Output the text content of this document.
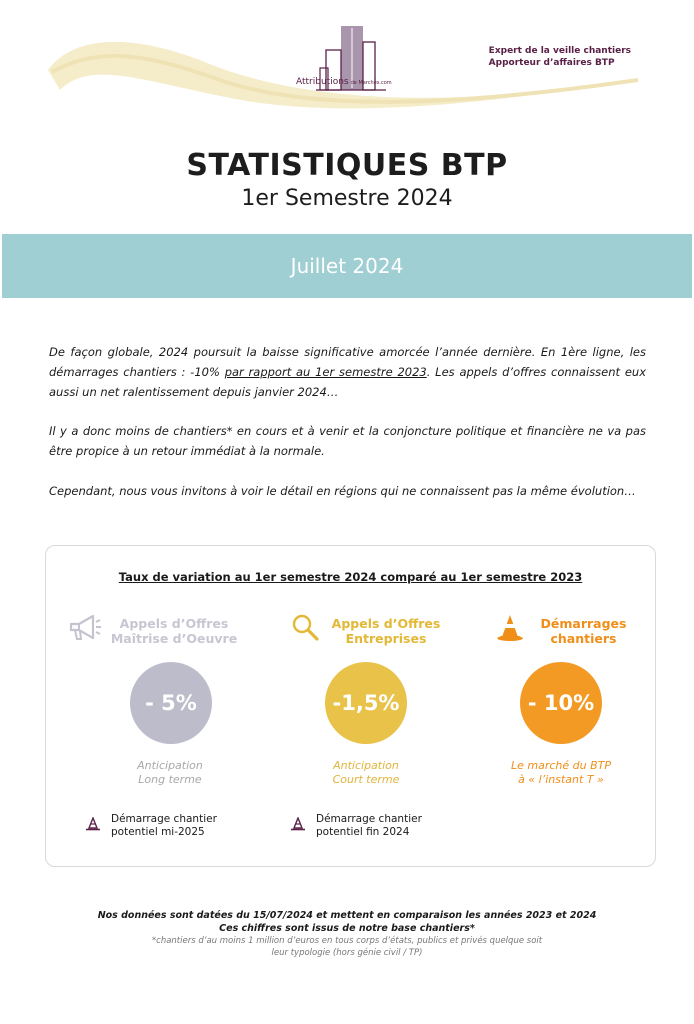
Attributions de Marchés.com
Expert de la veille chantiers
Apporteur d’affaires BTP
STATISTIQUES BTP
1er Semestre 2024
Juillet 2024

De façon globale, 2024 poursuit la baisse significative amorcée l’année dernière. En 1ère ligne, les démarrages chantiers : -10% par rapport au 1er semestre 2023. Les appels d’offres connaissent eux aussi un net ralentissement depuis janvier 2024…

Il y a donc moins de chantiers* en cours et à venir et la conjoncture politique et financière ne va pas être propice à un retour immédiat à la normale.

Cependant, nous vous invitons à voir le détail en régions qui ne connaissent pas la même évolution…

Taux de variation au 1er semestre 2024 comparé au 1er semestre 2023
Appels d’Offres
Maîtrise d’Oeuvre
- 5%
Anticipation
Long terme
Démarrage chantier
potentiel mi-2025
Appels d’Offres
Entreprises
-1,5%
Anticipation
Court terme
Démarrage chantier
potentiel fin 2024
Démarrages
chantiers
- 10%
Le marché du BTP
à « l’instant T »
Nos données sont datées du 15/07/2024 et mettent en comparaison les années 2023 et 2024
Ces chiffres sont issus de notre base chantiers*
*chantiers d’au moins 1 million d’euros en tous corps d’états, publics et privés quelque soit
leur typologie (hors génie civil / TP)
